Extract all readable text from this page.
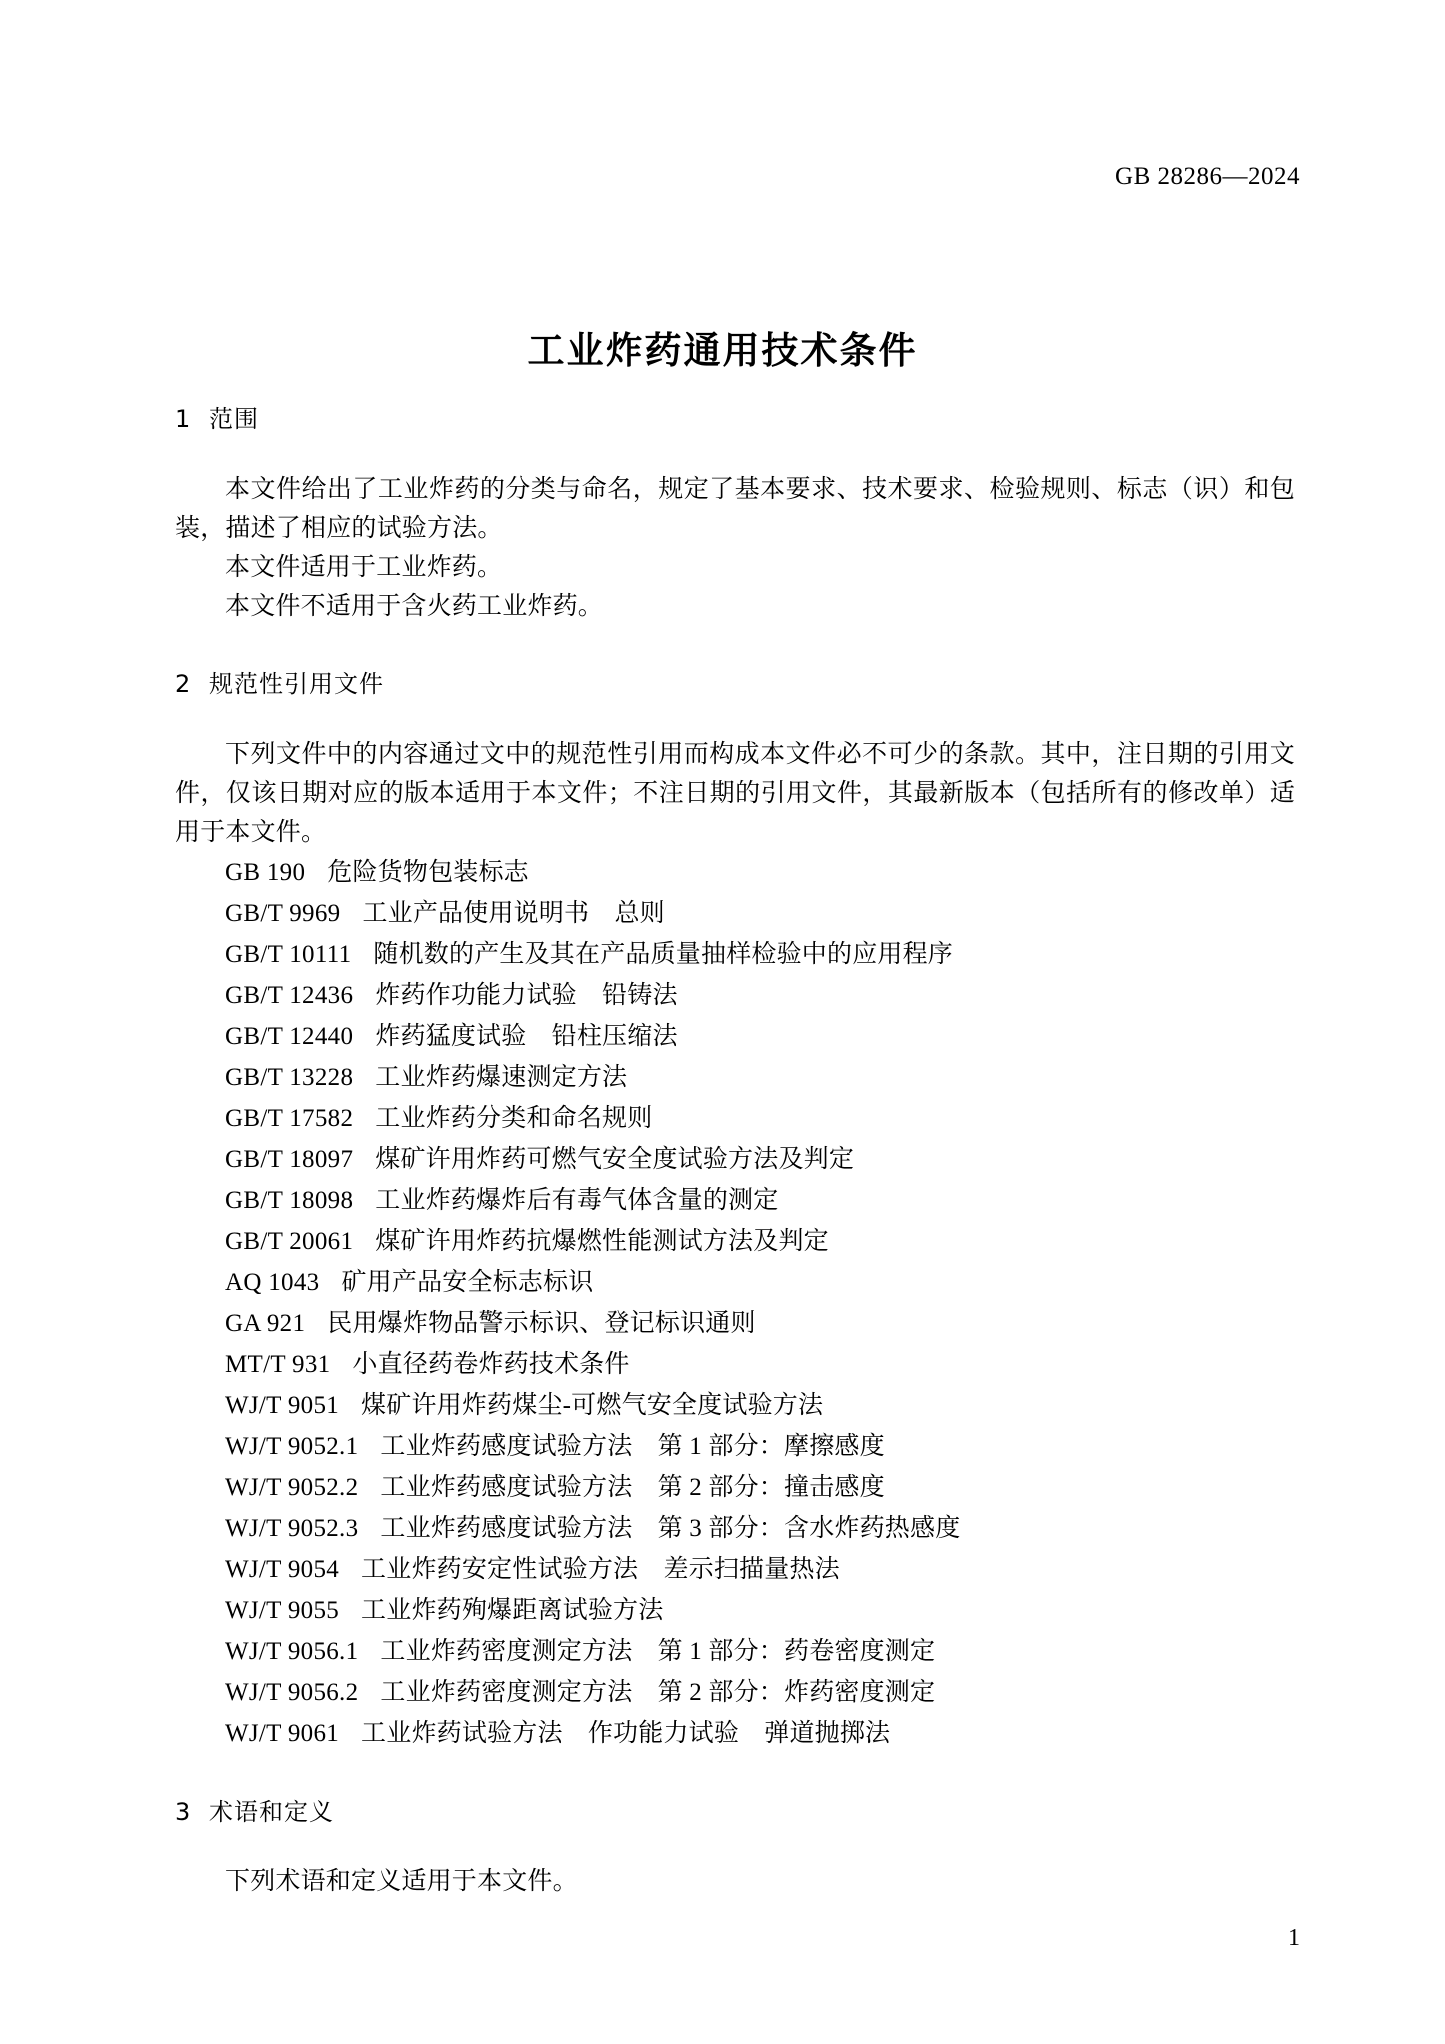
GB 28286—2024
工业炸药通用技术条件
1 范围

本文件给出了工业炸药的分类与命名，规定了基本要求、技术要求、检验规则、标志（识）和包装，描述了相应的试验方法。

本文件适用于工业炸药。

本文件不适用于含火药工业炸药。

2 规范性引用文件

下列文件中的内容通过文中的规范性引用而构成本文件必不可少的条款。其中，注日期的引用文件，仅该日期对应的版本适用于本文件；不注日期的引用文件，其最新版本（包括所有的修改单）适用于本文件。

GB 190 危险货物包装标志
GB/T 9969 工业产品使用说明书　总则
GB/T 10111 随机数的产生及其在产品质量抽样检验中的应用程序
GB/T 12436 炸药作功能力试验　铅铸法
GB/T 12440 炸药猛度试验　铅柱压缩法
GB/T 13228 工业炸药爆速测定方法
GB/T 17582 工业炸药分类和命名规则
GB/T 18097 煤矿许用炸药可燃气安全度试验方法及判定
GB/T 18098 工业炸药爆炸后有毒气体含量的测定
GB/T 20061 煤矿许用炸药抗爆燃性能测试方法及判定
AQ 1043 矿用产品安全标志标识
GA 921 民用爆炸物品警示标识、登记标识通则
MT/T 931 小直径药卷炸药技术条件
WJ/T 9051 煤矿许用炸药煤尘-可燃气安全度试验方法
WJ/T 9052.1 工业炸药感度试验方法　第 1 部分：摩擦感度
WJ/T 9052.2 工业炸药感度试验方法　第 2 部分：撞击感度
WJ/T 9052.3 工业炸药感度试验方法　第 3 部分：含水炸药热感度
WJ/T 9054 工业炸药安定性试验方法　差示扫描量热法
WJ/T 9055 工业炸药殉爆距离试验方法
WJ/T 9056.1 工业炸药密度测定方法　第 1 部分：药卷密度测定
WJ/T 9056.2 工业炸药密度测定方法　第 2 部分：炸药密度测定
WJ/T 9061 工业炸药试验方法　作功能力试验　弹道抛掷法
3 术语和定义

下列术语和定义适用于本文件。

1
